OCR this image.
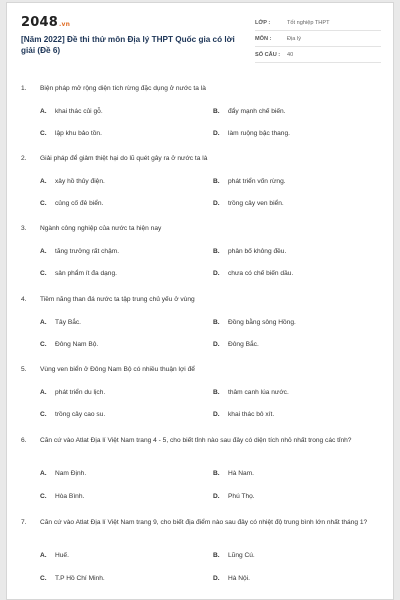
2048.vn
[Năm 2022] Đề thi thử môn Địa lý THPT Quốc gia có lời giải (Đề 6)
LỚP :	Tốt nghiệp THPT
MÔN :	Địa lý
SỐ CÂU :	40
1. Biện pháp mở rộng diện tích rừng đặc dụng ở nước ta là
A. khai thác củi gỗ.	B. đẩy mạnh chế biến.
C. lập khu bảo tồn.	D. làm ruộng bậc thang.
2. Giải pháp để giảm thiệt hại do lũ quét gây ra ở nước ta là
A. xây hồ thủy điện.	B. phát triển vốn rừng.
C. củng cố đê biển.	D. trồng cây ven biển.
3. Ngành công nghiệp của nước ta hiện nay
A. tăng trưởng rất chậm.	B. phân bố không đều.
C. sản phẩm ít đa dạng.	D. chưa có chế biến dầu.
4. Tiềm năng than đá nước ta tập trung chủ yếu ở vùng
A. Tây Bắc.	B. Đồng bằng sông Hồng.
C. Đông Nam Bộ.	D. Đông Bắc.
5. Vùng ven biển ở Đông Nam Bộ có nhiều thuận lợi để
A. phát triển du lịch.	B. thâm canh lúa nước.
C. trồng cây cao su.	D. khai thác bô xít.
6. Căn cứ vào Atlat Địa lí Việt Nam trang 4 - 5, cho biết tỉnh nào sau đây có diện tích nhỏ nhất trong các tỉnh?
A. Nam Định.	B. Hà Nam.
C. Hòa Bình.	D. Phú Thọ.
7. Căn cứ vào Atlat Địa lí Việt Nam trang 9, cho biết địa điểm nào sau đây có nhiệt độ trung bình lớn nhất tháng 1?
A. Huế.	B. Lũng Cú.
C. T.P Hồ Chí Minh.	D. Hà Nội.
